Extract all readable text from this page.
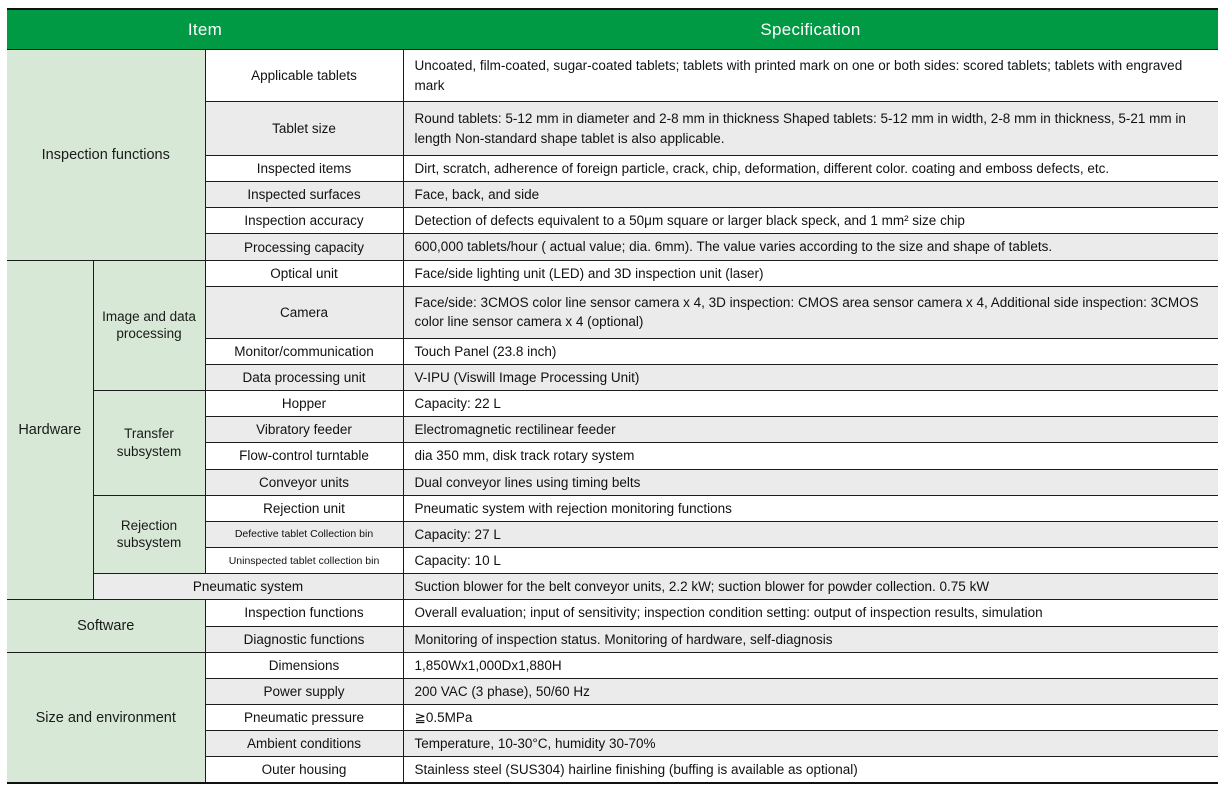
Item			Specification
Inspection functions		Applicable tablets	Uncoated, film-coated, sugar-coated tablets; tablets with printed mark on one or both sides: scored tablets; tablets with engraved mark
		Tablet size	Round tablets: 5-12 mm in diameter and 2-8 mm in thickness Shaped tablets: 5-12 mm in width, 2-8 mm in thickness, 5-21 mm in length Non-standard shape tablet is also applicable.
		Inspected items	Dirt, scratch, adherence of foreign particle, crack, chip, deformation, different color. coating and emboss defects, etc.
		Inspected surfaces	Face, back, and side
		Inspection accuracy	Detection of defects equivalent to a 50μm square or larger black speck, and 1 mm² size chip
		Processing capacity	600,000 tablets/hour ( actual value; dia. 6mm). The value varies according to the size and shape of tablets.
Hardware	Image and data processing	Optical unit	Face/side lighting unit (LED) and 3D inspection unit (laser)
		Camera	Face/side: 3CMOS color line sensor camera x 4, 3D inspection: CMOS area sensor camera x 4, Additional side inspection: 3CMOS color line sensor camera x 4 (optional)
		Monitor/communication	Touch Panel (23.8 inch)
		Data processing unit	V-IPU (Viswill Image Processing Unit)
	Transfer subsystem	Hopper	Capacity: 22 L
		Vibratory feeder	Electromagnetic rectilinear feeder
		Flow-control turntable	dia 350 mm, disk track rotary system
		Conveyor units	Dual conveyor lines using timing belts
	Rejection subsystem	Rejection unit	Pneumatic system with rejection monitoring functions
		Defective tablet Collection bin	Capacity: 27 L
		Uninspected tablet collection bin	Capacity: 10 L
	Pneumatic system		Suction blower for the belt conveyor units, 2.2 kW; suction blower for powder collection. 0.75 kW
Software		Inspection functions	Overall evaluation; input of sensitivity; inspection condition setting: output of inspection results, simulation
		Diagnostic functions	Monitoring of inspection status. Monitoring of hardware, self-diagnosis
Size and environment		Dimensions	1,850Wx1,000Dx1,880H
		Power supply	200 VAC (3 phase), 50/60 Hz
		Pneumatic pressure	≧0.5MPa
		Ambient conditions	Temperature, 10-30°C, humidity 30-70%
		Outer housing	Stainless steel (SUS304) hairline finishing (buffing is available as optional)
